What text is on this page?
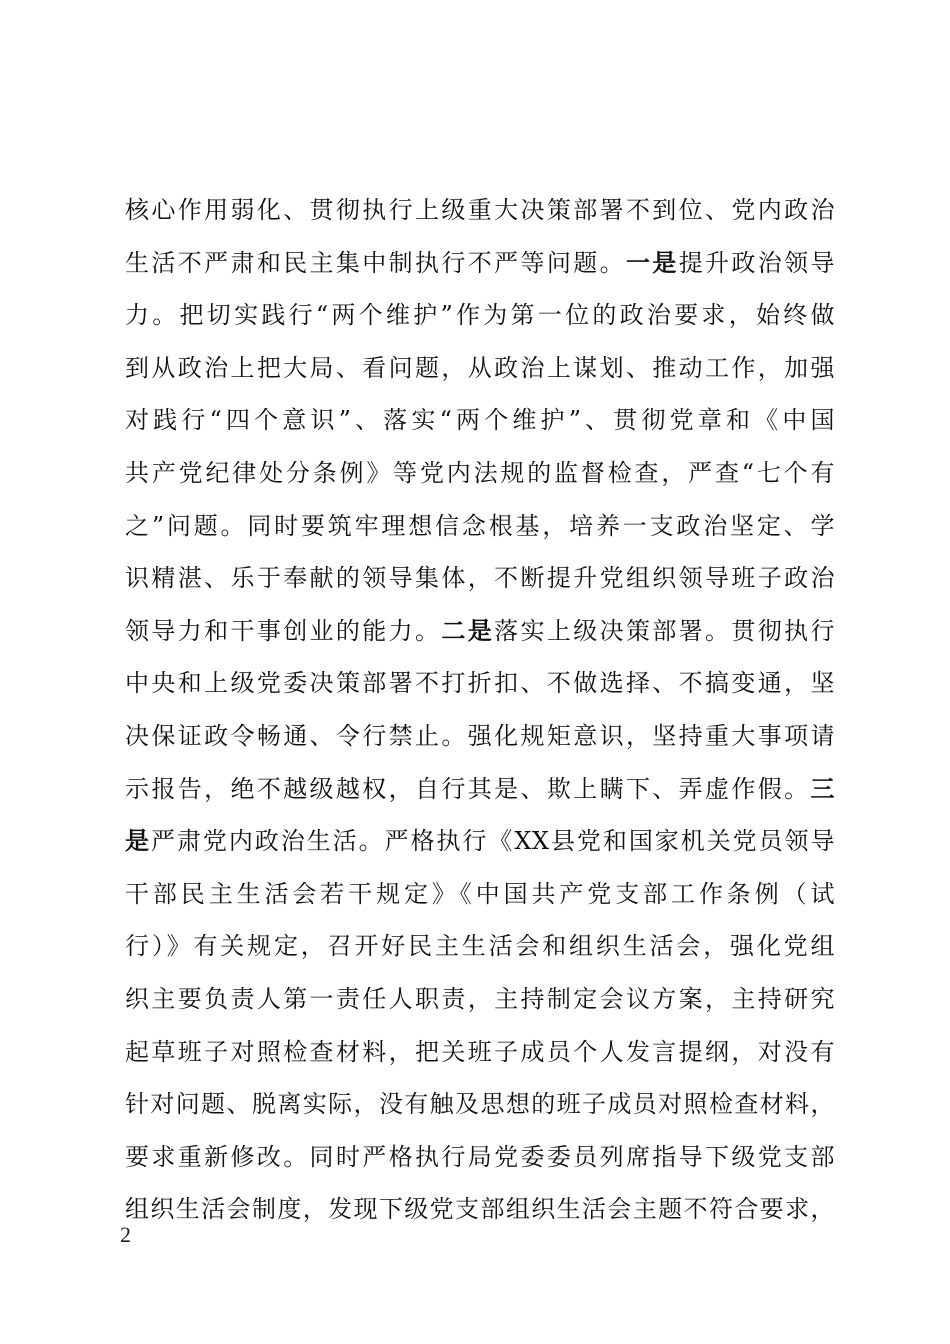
核心作用弱化、贯彻执行上级重大决策部署不到位、党内政治
生活不严肃和民主集中制执行不严等问题。一是提升政治领导
力。把切实践行“两个维护”作为第一位的政治要求，始终做
到从政治上把大局、看问题，从政治上谋划、推动工作，加强
对践行“四个意识”、落实“两个维护”、贯彻党章和《中国
共产党纪律处分条例》等党内法规的监督检查，严查“七个有
之”问题。同时要筑牢理想信念根基，培养一支政治坚定、学
识精湛、乐于奉献的领导集体，不断提升党组织领导班子政治
领导力和干事创业的能力。二是落实上级决策部署。贯彻执行
中央和上级党委决策部署不打折扣、不做选择、不搞变通，坚
决保证政令畅通、令行禁止。强化规矩意识，坚持重大事项请
示报告，绝不越级越权，自行其是、欺上瞒下、弄虚作假。三
是严肃党内政治生活。严格执行《XX县党和国家机关党员领导
干部民主生活会若干规定》《中国共产党支部工作条例（试
行）》有关规定，召开好民主生活会和组织生活会，强化党组
织主要负责人第一责任人职责，主持制定会议方案，主持研究
起草班子对照检查材料，把关班子成员个人发言提纲，对没有
针对问题、脱离实际，没有触及思想的班子成员对照检查材料，
要求重新修改。同时严格执行局党委委员列席指导下级党支部
组织生活会制度，发现下级党支部组织生活会主题不符合要求，
2
